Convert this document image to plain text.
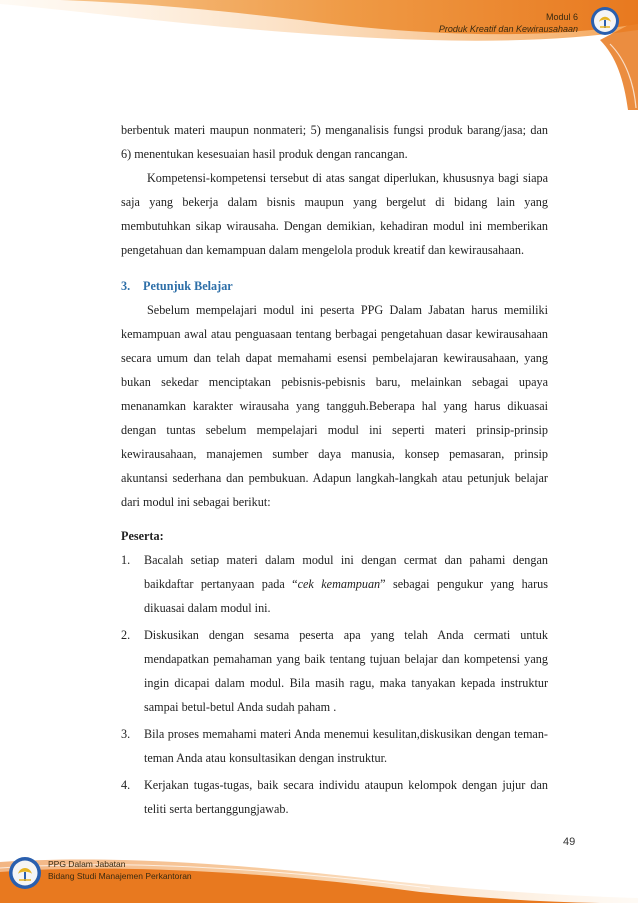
Modul 6
Produk Kreatif dan Kewirausahaan

berbentuk materi maupun nonmateri; 5) menganalisis fungsi produk barang/jasa; dan 6) menentukan kesesuaian hasil produk dengan rancangan.

Kompetensi-kompetensi tersebut di atas sangat diperlukan, khususnya bagi siapa saja yang bekerja dalam bisnis maupun yang bergelut di bidang lain yang membutuhkan sikap wirausaha. Dengan demikian, kehadiran modul ini memberikan pengetahuan dan kemampuan dalam mengelola produk kreatif dan kewirausahaan.

3. Petunjuk Belajar

Sebelum mempelajari modul ini peserta PPG Dalam Jabatan harus memiliki kemampuan awal atau penguasaan tentang berbagai pengetahuan dasar kewirausahaan secara umum dan telah dapat memahami esensi pembelajaran kewirausahaan, yang bukan sekedar menciptakan pebisnis-pebisnis baru, melainkan sebagai upaya menanamkan karakter wirausaha yang tangguh.Beberapa hal yang harus dikuasai dengan tuntas sebelum mempelajari modul ini seperti materi prinsip-prinsip kewirausahaan, manajemen sumber daya manusia, konsep pemasaran, prinsip akuntansi sederhana dan pembukuan. Adapun langkah-langkah atau petunjuk belajar dari modul ini sebagai berikut:

Peserta:
1. Bacalah setiap materi dalam modul ini dengan cermat dan pahami dengan baikdaftar pertanyaan pada “cek kemampuan” sebagai pengukur yang harus dikuasai dalam modul ini.
2. Diskusikan dengan sesama peserta apa yang telah Anda cermati untuk mendapatkan pemahaman yang baik tentang tujuan belajar dan kompetensi yang ingin dicapai dalam modul. Bila masih ragu, maka tanyakan kepada instruktur sampai betul-betul Anda sudah paham .
3. Bila proses memahami materi Anda menemui kesulitan,diskusikan dengan teman-teman Anda atau konsultasikan dengan instruktur.
4. Kerjakan tugas-tugas, baik secara individu ataupun kelompok dengan jujur dan teliti serta bertanggungjawab.
49
PPG Dalam Jabatan
Bidang Studi Manajemen Perkantoran
